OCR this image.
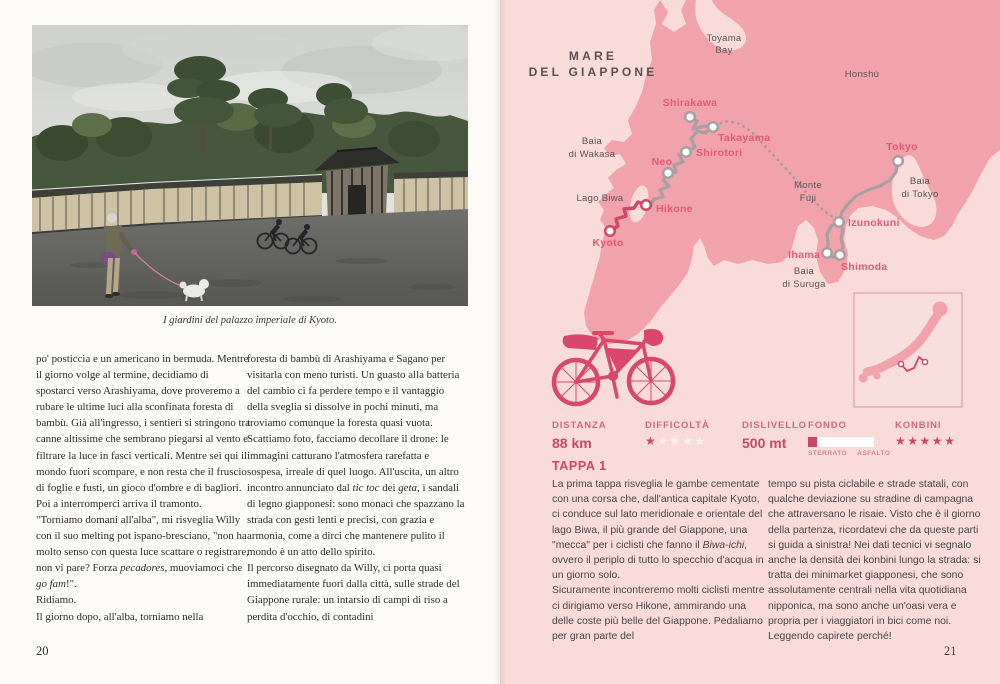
I giardini del palazzo imperiale di Kyoto.
po' posticcia e un americano in bermuda. Mentre il giorno volge al termine, decidiamo di spostarci verso Arashiyama, dove proveremo a rubare le ultime luci alla sconfinata foresta di bambù. Già all'ingresso, i sentieri si stringono tra canne altissime che sembrano piegarsi al vento e filtrare la luce in fasci verticali. Mentre sei qui il mondo fuori scompare, e non resta che il fruscio di foglie e fusti, un gioco d'ombre e di bagliori. Poi a interromperci arriva il tramonto.
"Torniamo domani all'alba", mi risveglia Willy con il suo melting pot ispano-bresciano, "non ha molto senso con questa luce scattare o registrare, non vi pare? Forza pecadores, muoviamoci che go fam!".
Ridiamo.
Il giorno dopo, all'alba, torniamo nella
foresta di bambù di Arashiyama e Sagano per visitarla con meno turisti. Un guasto alla batteria del cambio ci fa perdere tempo e il vantaggio della sveglia si dissolve in pochi minuti, ma troviamo comunque la foresta quasi vuota. Scattiamo foto, facciamo decollare il drone: le immagini catturano l'atmosfera rarefatta e sospesa, irreale di quel luogo. All'uscita, un altro incontro annunciato dal tic toc dei geta, i sandali di legno giapponesi: sono monaci che spazzano la strada con gesti lenti e precisi, con grazia e armonia, come a dirci che mantenere pulito il mondo è un atto dello spirito.
Il percorso disegnato da Willy, ci porta quasi immediatamente fuori dalla città, sulle strade del Giappone rurale: un intarsio di campi di riso a perdita d'occhio, di contadini
20
MARE
DEL GIAPPONE
Toyama
Bay
Honshù
Baia
di Wakasa
Lago Biwa
Monte
Fuji
Baia
di Tokyo
Baia
di Suruga
Shirakawa
Takayama
Shirotori
Neo
Hikone
Kyoto
Tokyo
Izunokuni
Ihama
Shimoda
DISTANZA
88 km
DIFFICOLTÀ
★★★★★
DISLIVELLO
500 mt
FONDO
STERRATO ASFALTO
KONBINI
★★★★★
TAPPA 1
La prima tappa risveglia le gambe cementate con una corsa che, dall'antica capitale Kyoto, ci conduce sul lato meridionale e orientale del lago Biwa, il più grande del Giappone, una "mecca" per i ciclisti che fanno il Biwa-ichi, ovvero il periplo di tutto lo specchio d'acqua in un giorno solo.
Sicuramente incontreremo molti ciclisti mentre ci dirigiamo verso Hikone, ammirando una delle coste più belle del Giappone. Pedaliamo per gran parte del
tempo su pista ciclabile e strade statali, con qualche deviazione su stradine di campagna che attraversano le risaie. Visto che è il giorno della partenza, ricordatevi che da queste parti si guida a sinistra! Nei dati tecnici vi segnalo anche la densità dei konbini lungo la strada: si tratta dei minimarket giapponesi, che sono assolutamente centrali nella vita quotidiana nipponica, ma sono anche un'oasi vera e propria per i viaggiatori in bici come noi. Leggendo capirete perché!
21
